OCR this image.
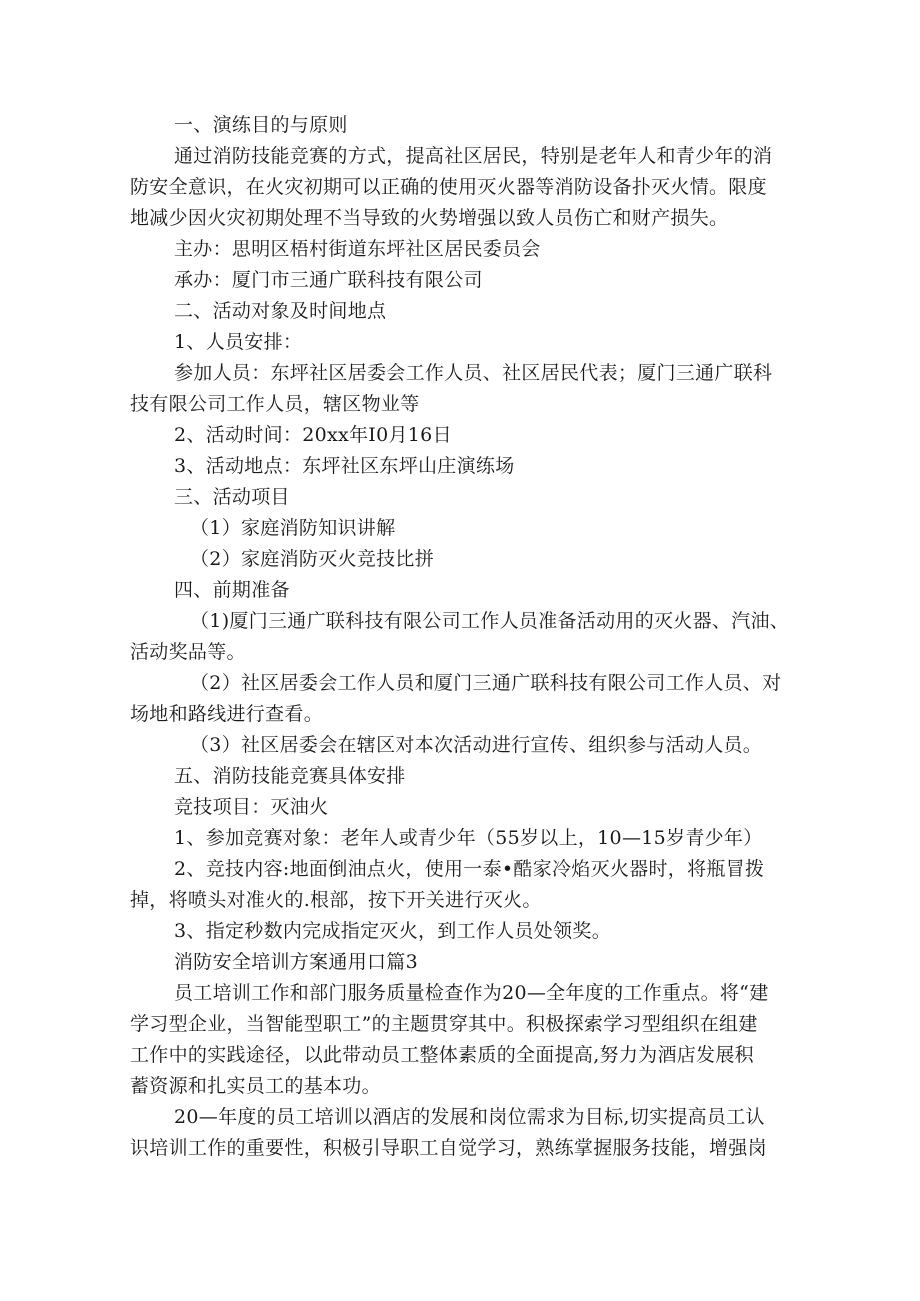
一、演练目的与原则
通过消防技能竞赛的方式，提高社区居民，特别是老年人和青少年的消
防安全意识，在火灾初期可以正确的使用灭火器等消防设备扑灭火情。限度
地减少因火灾初期处理不当导致的火势增强以致人员伤亡和财产损失。
主办：思明区梧村街道东坪社区居民委员会
承办：厦门市三通广联科技有限公司
二、活动对象及时间地点
1、人员安排：
参加人员：东坪社区居委会工作人员、社区居民代表；厦门三通广联科
技有限公司工作人员，辖区物业等
2、活动时间：20xx年I0月16日
3、活动地点：东坪社区东坪山庄演练场
三、活动项目
（1）家庭消防知识讲解
（2）家庭消防灭火竞技比拼
四、前期准备
（1)厦门三通广联科技有限公司工作人员准备活动用的灭火器、汽油、
活动奖品等。
（2）社区居委会工作人员和厦门三通广联科技有限公司工作人员、对
场地和路线进行查看。
（3）社区居委会在辖区对本次活动进行宣传、组织参与活动人员。
五、消防技能竞赛具体安排
竞技项目：灭油火
1、参加竞赛对象：老年人或青少年（55岁以上，10—15岁青少年）
2、竞技内容:地面倒油点火，使用一泰•酷家冷焰灭火器时，将瓶冒拨
掉，将喷头对准火的.根部，按下开关进行灭火。
3、指定秒数内完成指定灭火，到工作人员处领奖。
消防安全培训方案通用口篇3
员工培训工作和部门服务质量检查作为20—全年度的工作重点。将“建
学习型企业，当智能型职工”的主题贯穿其中。积极探索学习型组织在组建
工作中的实践途径，以此带动员工整体素质的全面提高,努力为酒店发展积
蓄资源和扎实员工的基本功。
20—年度的员工培训以酒店的发展和岗位需求为目标,切实提高员工认
识培训工作的重要性，积极引导职工自觉学习，熟练掌握服务技能，增强岗
